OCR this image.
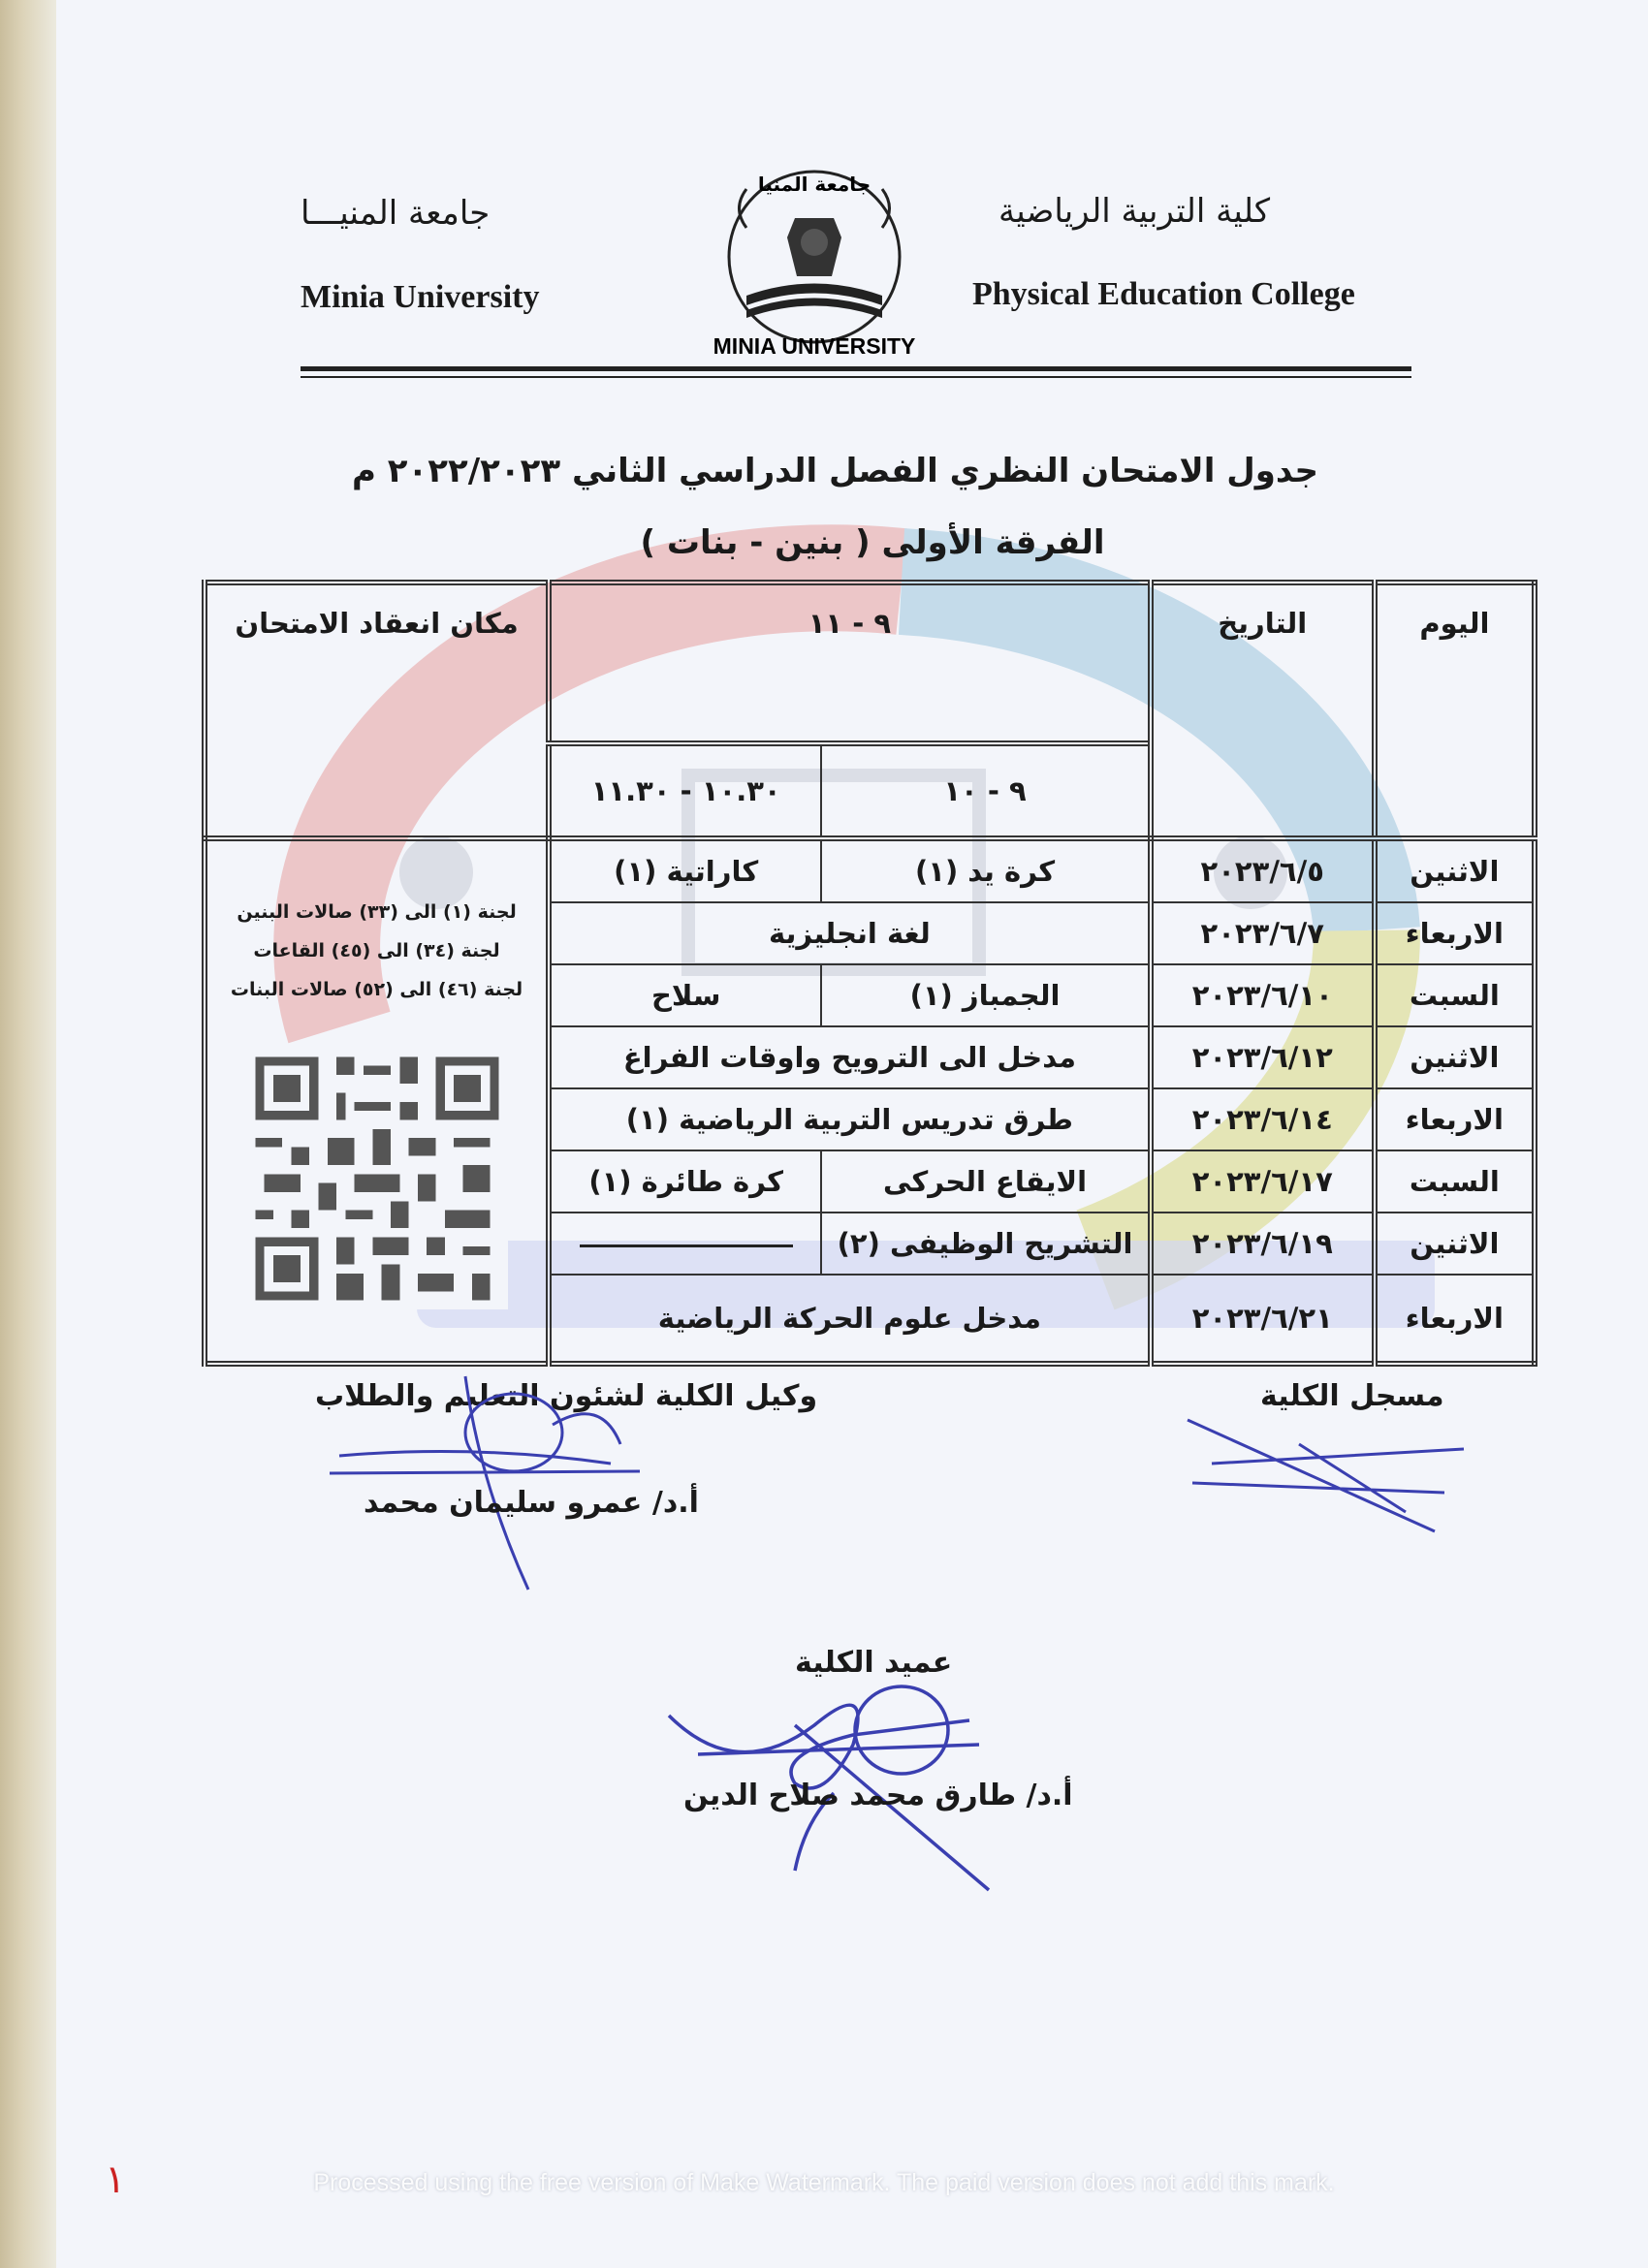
كلية التربية الرياضية
Physical Education College
جامعة المنيـــا
Minia University
جامعة المنيا
MINIA UNIVERSITY
جدول الامتحان النظري الفصل الدراسي الثاني ٢٠٢٢/٢٠٢٣ م
الفرقة الأولى ( بنين - بنات )
اليوم	التاريخ	٩ - ١١		مكان انعقاد الامتحان
		٩ - ١٠	١٠.٣٠ - ١١.٣٠	
الاثنين	٢٠٢٣/٦/٥	كرة يد (١)	كاراتية (١)	لجنة (١) الى (٣٣) صالات البنين
لجنة (٣٤) الى (٤٥) القاعات
لجنة (٤٦) الى (٥٢) صالات البنات

الاربعاء	٢٠٢٣/٦/٧	لغة انجليزية		
السبت	٢٠٢٣/٦/١٠	الجمباز (١)	سلاح	
الاثنين	٢٠٢٣/٦/١٢	مدخل الى الترويح واوقات الفراغ		
الاربعاء	٢٠٢٣/٦/١٤	طرق تدريس التربية الرياضية (١)		
السبت	٢٠٢٣/٦/١٧	الايقاع الحركى	كرة طائرة (١)	
الاثنين	٢٠٢٣/٦/١٩	التشريح الوظيفى (٢)		
الاربعاء	٢٠٢٣/٦/٢١	مدخل علوم الحركة الرياضية		
مسجل الكلية
وكيل الكلية لشئون التعليم والطلاب
أ.د/ عمرو سليمان محمد
عميد الكلية
أ.د/ طارق محمد صلاح الدين
۱	Processed using the free version of Make Watermark. The paid version does not add this mark.
